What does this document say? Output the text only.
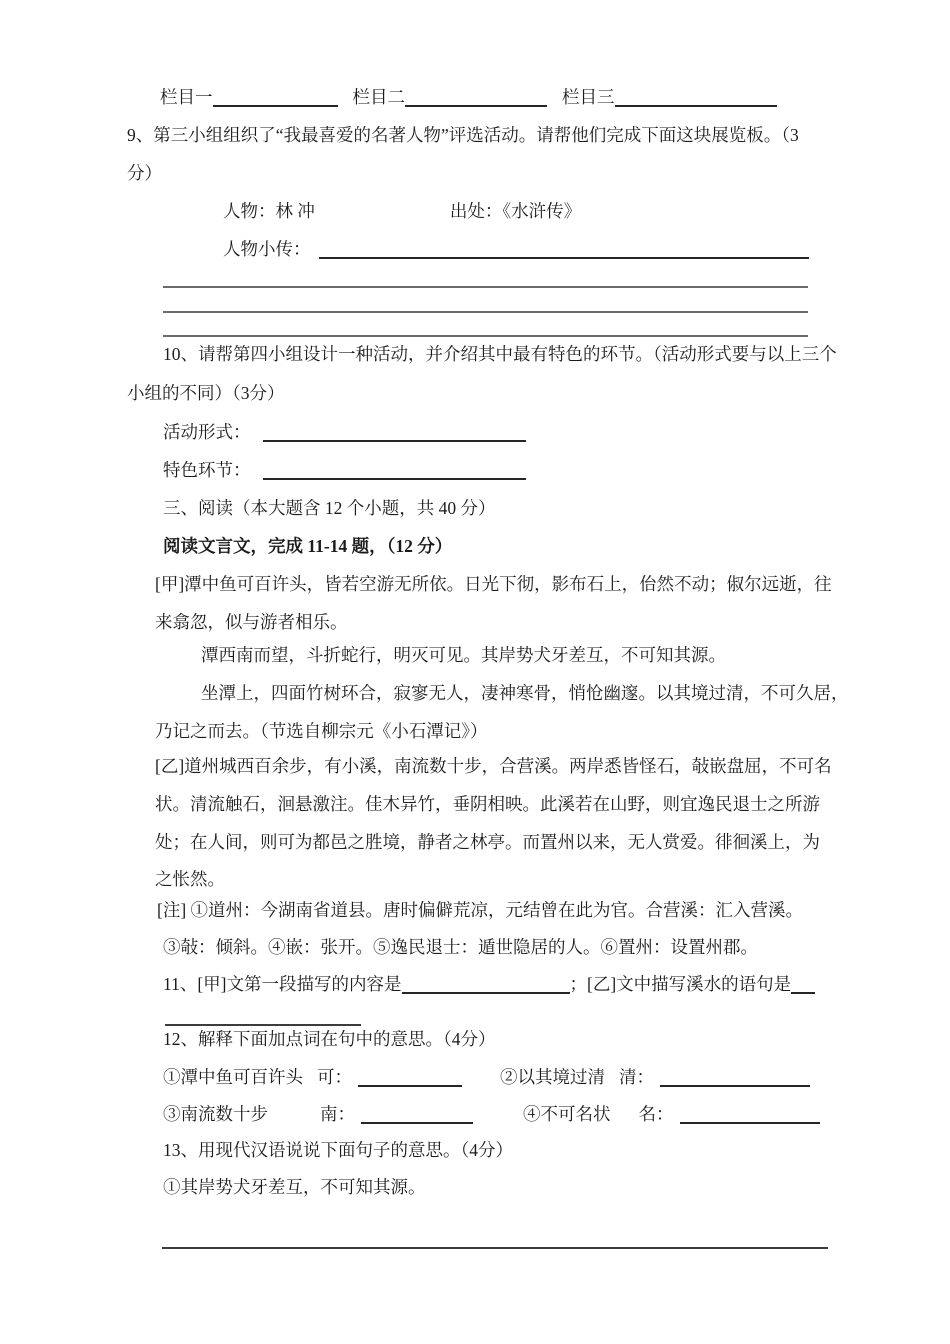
栏目一	栏目二	栏目三
9、第三小组组织了“我最喜爱的名著人物”评选活动。请帮他们完成下面这块展览板。（3
分）
人物：林 冲	出处：《水浒传》
人物小传：
10、请帮第四小组设计一种活动，并介绍其中最有特色的环节。（活动形式要与以上三个
小组的不同）（3分）
活动形式：
特色环节：
三、阅读（本大题含 12 个小题，共 40 分）
阅读文言文，完成 11-14 题，（12 分）
[甲]潭中鱼可百许头，皆若空游无所依。日光下彻，影布石上，佁然不动；俶尔远逝，往
来翕忽，似与游者相乐。
潭西南而望，斗折蛇行，明灭可见。其岸势犬牙差互，不可知其源。
坐潭上，四面竹树环合，寂寥无人，凄神寒骨，悄怆幽邃。以其境过清，不可久居，
乃记之而去。（节选自柳宗元《小石潭记》）
[乙]道州城西百余步，有小溪，南流数十步，合营溪。两岸悉皆怪石，敧嵌盘屈，不可名
状。清流触石，洄悬激注。佳木异竹，垂阴相映。此溪若在山野，则宜逸民退士之所游
处；在人间，则可为都邑之胜境，静者之林亭。而置州以来，无人赏爱。徘徊溪上，为
之怅然。
[注] ①道州：今湖南省道县。唐时偏僻荒凉，元结曾在此为官。合营溪：汇入营溪。
③敧：倾斜。④嵌：张开。⑤逸民退士：遁世隐居的人。⑥置州：设置州郡。
11、[甲]文第一段描写的内容是	；[乙]文中描写溪水的语句是
12、解释下面加点词在句中的意思。（4分）
①潭中鱼可百许头 可：	②以其境过清 清：
③南流数十步	南：	④不可名状 名：
13、用现代汉语说说下面句子的意思。（4分）
①其岸势犬牙差互，不可知其源。
